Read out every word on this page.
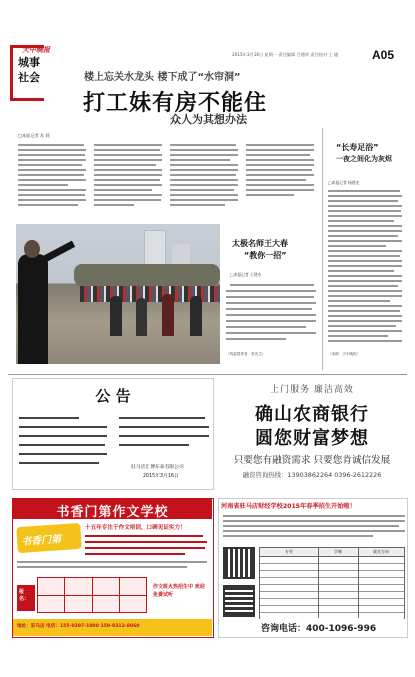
天中晚报
城事
社会
2015年3月16日 星期一 责任编辑 吕德荣 责任校对 王 捷	A05
楼上忘关水龙头 楼下成了“水帘洞”
打工妹有房不能住
众人为其想办法
□本报记者 苏 莉
“长寿足浴”
一夜之间化为灰烬
□本报记者 杨建光
（来源：天中晚报）
太极名师王大春
“教你一招”
□本报记者 王建东
（线索提供者：张先生）
公 告
驻马店汇博东泰有限公司
2015年3月16日
上门服务 廉洁高效
确山农商银行
圆您财富梦想
只要您有融资需求 只要您肯诚信发展
融资咨询热线：13903862264 0396-2612226
书香门第作文学校
十五年专注于作文培训，口碑见证实力！
书香门第
报名：
作文班火热招生中 欢迎免费试听
地址：驻马店 电话：155-0397-1000 159-9312-8060
河南省驻马店财经学校2015年春季招生开始啦！
专业	学制	就业方向
咨询电话：400-1096-996
